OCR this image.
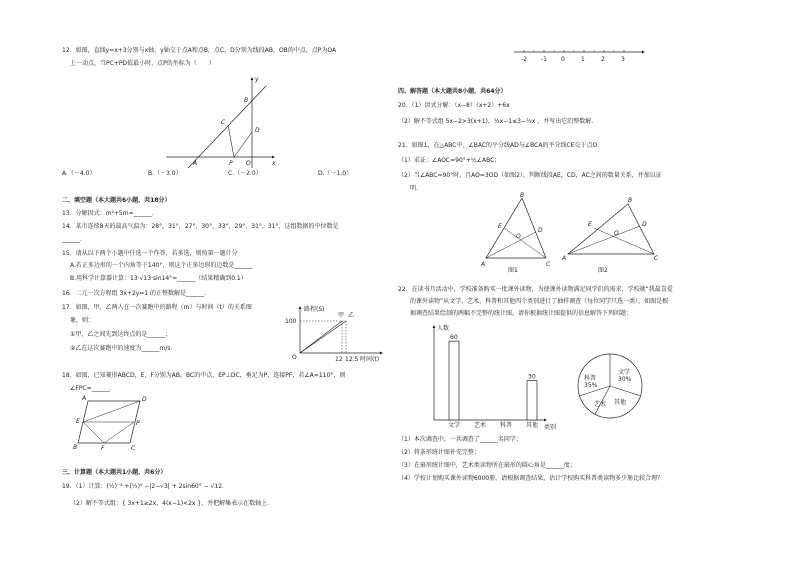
12．如图，直线y=x+3分别与x轴、y轴交于点A和点B，点C，D分别为线段AB，OB的中点，点P为OA
上一动点，当PC+PD值最小时，点P的坐标为（　　）
y
x
B
C
D
A	P O
A.（－4.0）	B.（－3.0）	C.（－2.0）	D.（－1.0）
二、填空题（本大题共6小题，共18分）
13．分解因式：m²+5m=______．
14．某市连续8天的最高气温为：28°，31°，27°，30°，33°，29°，31°，31°，这组数据的中位数是
______．
15．请从以下两个小题中任选一个作答，若多选，则按第一题计分
A.若正多边形的一个内角等于140°，则这个正多边形的边数是______
B.用科学计算器计算：13·√13·sin14°≈______（结果精确到0.1）
16．二元一次方程组 3x+2y=1 的正整数解是______．
17．如图，甲，乙两人在一次赛跑中的路程（m）与时间（t）的关系图
象，则：
①甲、乙之间先到达终点的是______；
②乙在这次赛跑中的速度为______m/s．
路程(S)
时间(t)
100
O	12 12.5
甲 乙
18．如图，已知菱形ABCD，E，F分别为AB，BC的中点，EP⊥DC，垂足为P，连接PF，若∠A=110°，则
∠FPC=______．
A	D
E	P
B	F	C
三、计算题（本大题共1小题，共6分）
19．（1）计算：(½)⁻² +(½)⁰ −|2−√3| + 2sin60° − √12．
（2）解不等式组：{ 3x+1≥2x，4(x−1)<2x }，并把解集表示在数轴上．
-2 -1 0	1	2	3
四、解答题（本大题共8小题，共64分）
20．（1）因式分解：（x−8）（x+2）+6x
（2）解不等式组 5x−2>3(x+1)，½x−1≤3−½x ，并写出它的整数解．
21．如图1，在△ABC中，∠BAC的平分线AD与∠BCA的平分线CE交于点O．
（1）求证：∠AOC=90°+½∠ABC；
（2）当∠ABC=90°时，且AO=3OD（如图2），判断线段AE，CD，AC之间的数量关系，并加以证
明．
B
E
D
O
A	C
图1
B
E
O
D
A	C
图2
22．在读书月活动中，学校准备购买一批课外读物，为使课外读物满足同学们的需求，学校就“我最喜爱
的课外读物”从文学、艺术、科普和其他四个类别进行了抽样调查（每位同学只选一类），如图是根
据调查结果绘制的两幅不完整的统计图，请你根据统计图提供的信息解答下列问题：
人数
类别
60
文学 艺术 科普
30
其他
文学
30%
科普
35%
艺术 其他
（1）本次调查中，一共调查了______名同学；
（2）将条形统计图补充完整；
（3）在扇形统计图中，艺术类读物所在扇形的圆心角是______度；
（4）学校计划购买课外读物6000册，请根据调查结果，估计学校购买科普类读物多少册比较合理？
